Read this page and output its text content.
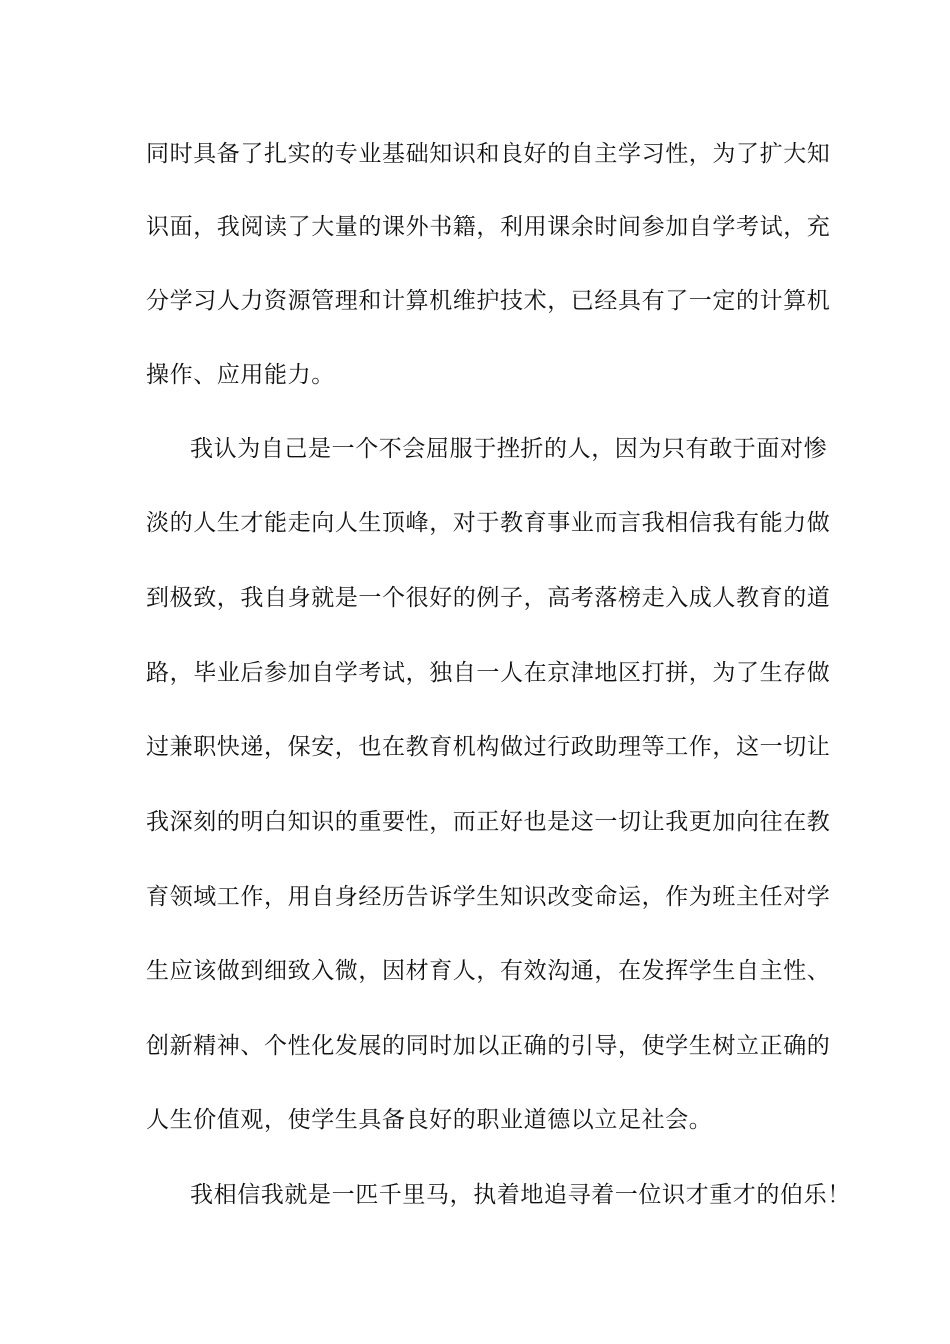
同时具备了扎实的专业基础知识和良好的自主学习性，为了扩大知
识面，我阅读了大量的课外书籍，利用课余时间参加自学考试，充
分学习人力资源管理和计算机维护技术，已经具有了一定的计算机
操作、应用能力。
我认为自己是一个不会屈服于挫折的人，因为只有敢于面对惨
淡的人生才能走向人生顶峰，对于教育事业而言我相信我有能力做
到极致，我自身就是一个很好的例子，高考落榜走入成人教育的道
路，毕业后参加自学考试，独自一人在京津地区打拼，为了生存做
过兼职快递，保安，也在教育机构做过行政助理等工作，这一切让
我深刻的明白知识的重要性，而正好也是这一切让我更加向往在教
育领域工作，用自身经历告诉学生知识改变命运，作为班主任对学
生应该做到细致入微，因材育人，有效沟通，在发挥学生自主性、
创新精神、个性化发展的同时加以正确的引导，使学生树立正确的
人生价值观，使学生具备良好的职业道德以立足社会。
我相信我就是一匹千里马，执着地追寻着一位识才重才的伯乐！
